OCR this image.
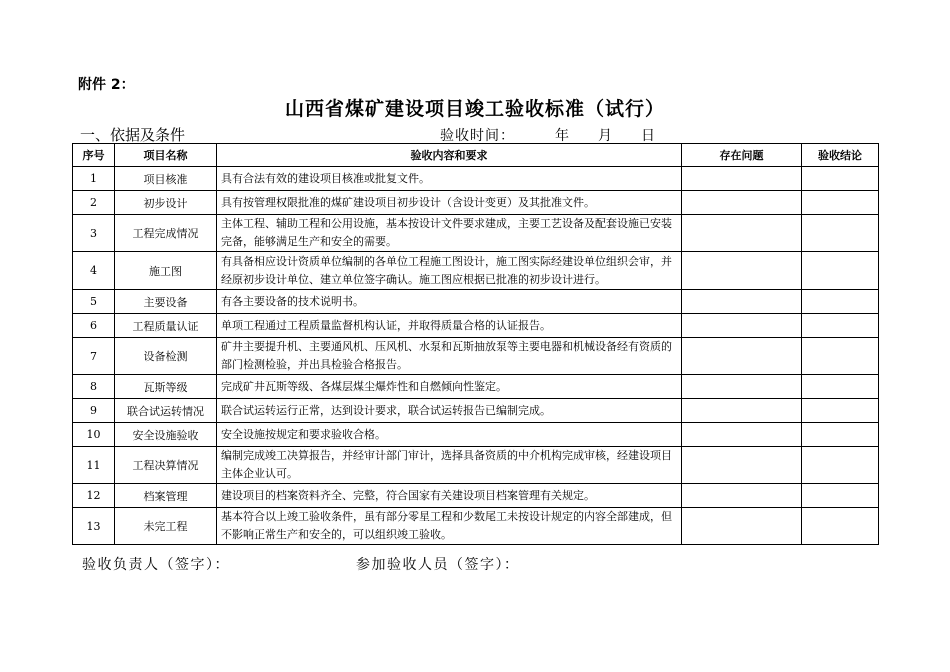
附件 2：
山西省煤矿建设项目竣工验收标准（试行）
一、依据及条件	验收时间：	年 月 日
序号	项目名称	验收内容和要求	存在问题	验收结论
1	项目核准	具有合法有效的建设项目核准或批复文件。		
2	初步设计	具有按管理权限批准的煤矿建设项目初步设计（含设计变更）及其批准文件。		
3	工程完成情况	主体工程、辅助工程和公用设施，基本按设计文件要求建成，主要工艺设备及配套设施已安装完备，能够满足生产和安全的需要。		
4	施工图	有具备相应设计资质单位编制的各单位工程施工图设计，施工图实际经建设单位组织会审，并经原初步设计单位、建立单位签字确认。施工图应根据已批准的初步设计进行。		
5	主要设备	有各主要设备的技术说明书。		
6	工程质量认证	单项工程通过工程质量监督机构认证，并取得质量合格的认证报告。		
7	设备检测	矿井主要提升机、主要通风机、压风机、水泵和瓦斯抽放泵等主要电器和机械设备经有资质的部门检测检验，并出具检验合格报告。		
8	瓦斯等级	完成矿井瓦斯等级、各煤层煤尘爆炸性和自燃倾向性鉴定。		
9	联合试运转情况	联合试运转运行正常，达到设计要求，联合试运转报告已编制完成。		
10	安全设施验收	安全设施按规定和要求验收合格。		
11	工程决算情况	编制完成竣工决算报告，并经审计部门审计，选择具备资质的中介机构完成审核，经建设项目主体企业认可。		
12	档案管理	建设项目的档案资料齐全、完整，符合国家有关建设项目档案管理有关规定。		
13	未完工程	基本符合以上竣工验收条件，虽有部分零星工程和少数尾工未按设计规定的内容全部建成，但不影响正常生产和安全的，可以组织竣工验收。		
验收负责人（签字）：	参加验收人员（签字）：
